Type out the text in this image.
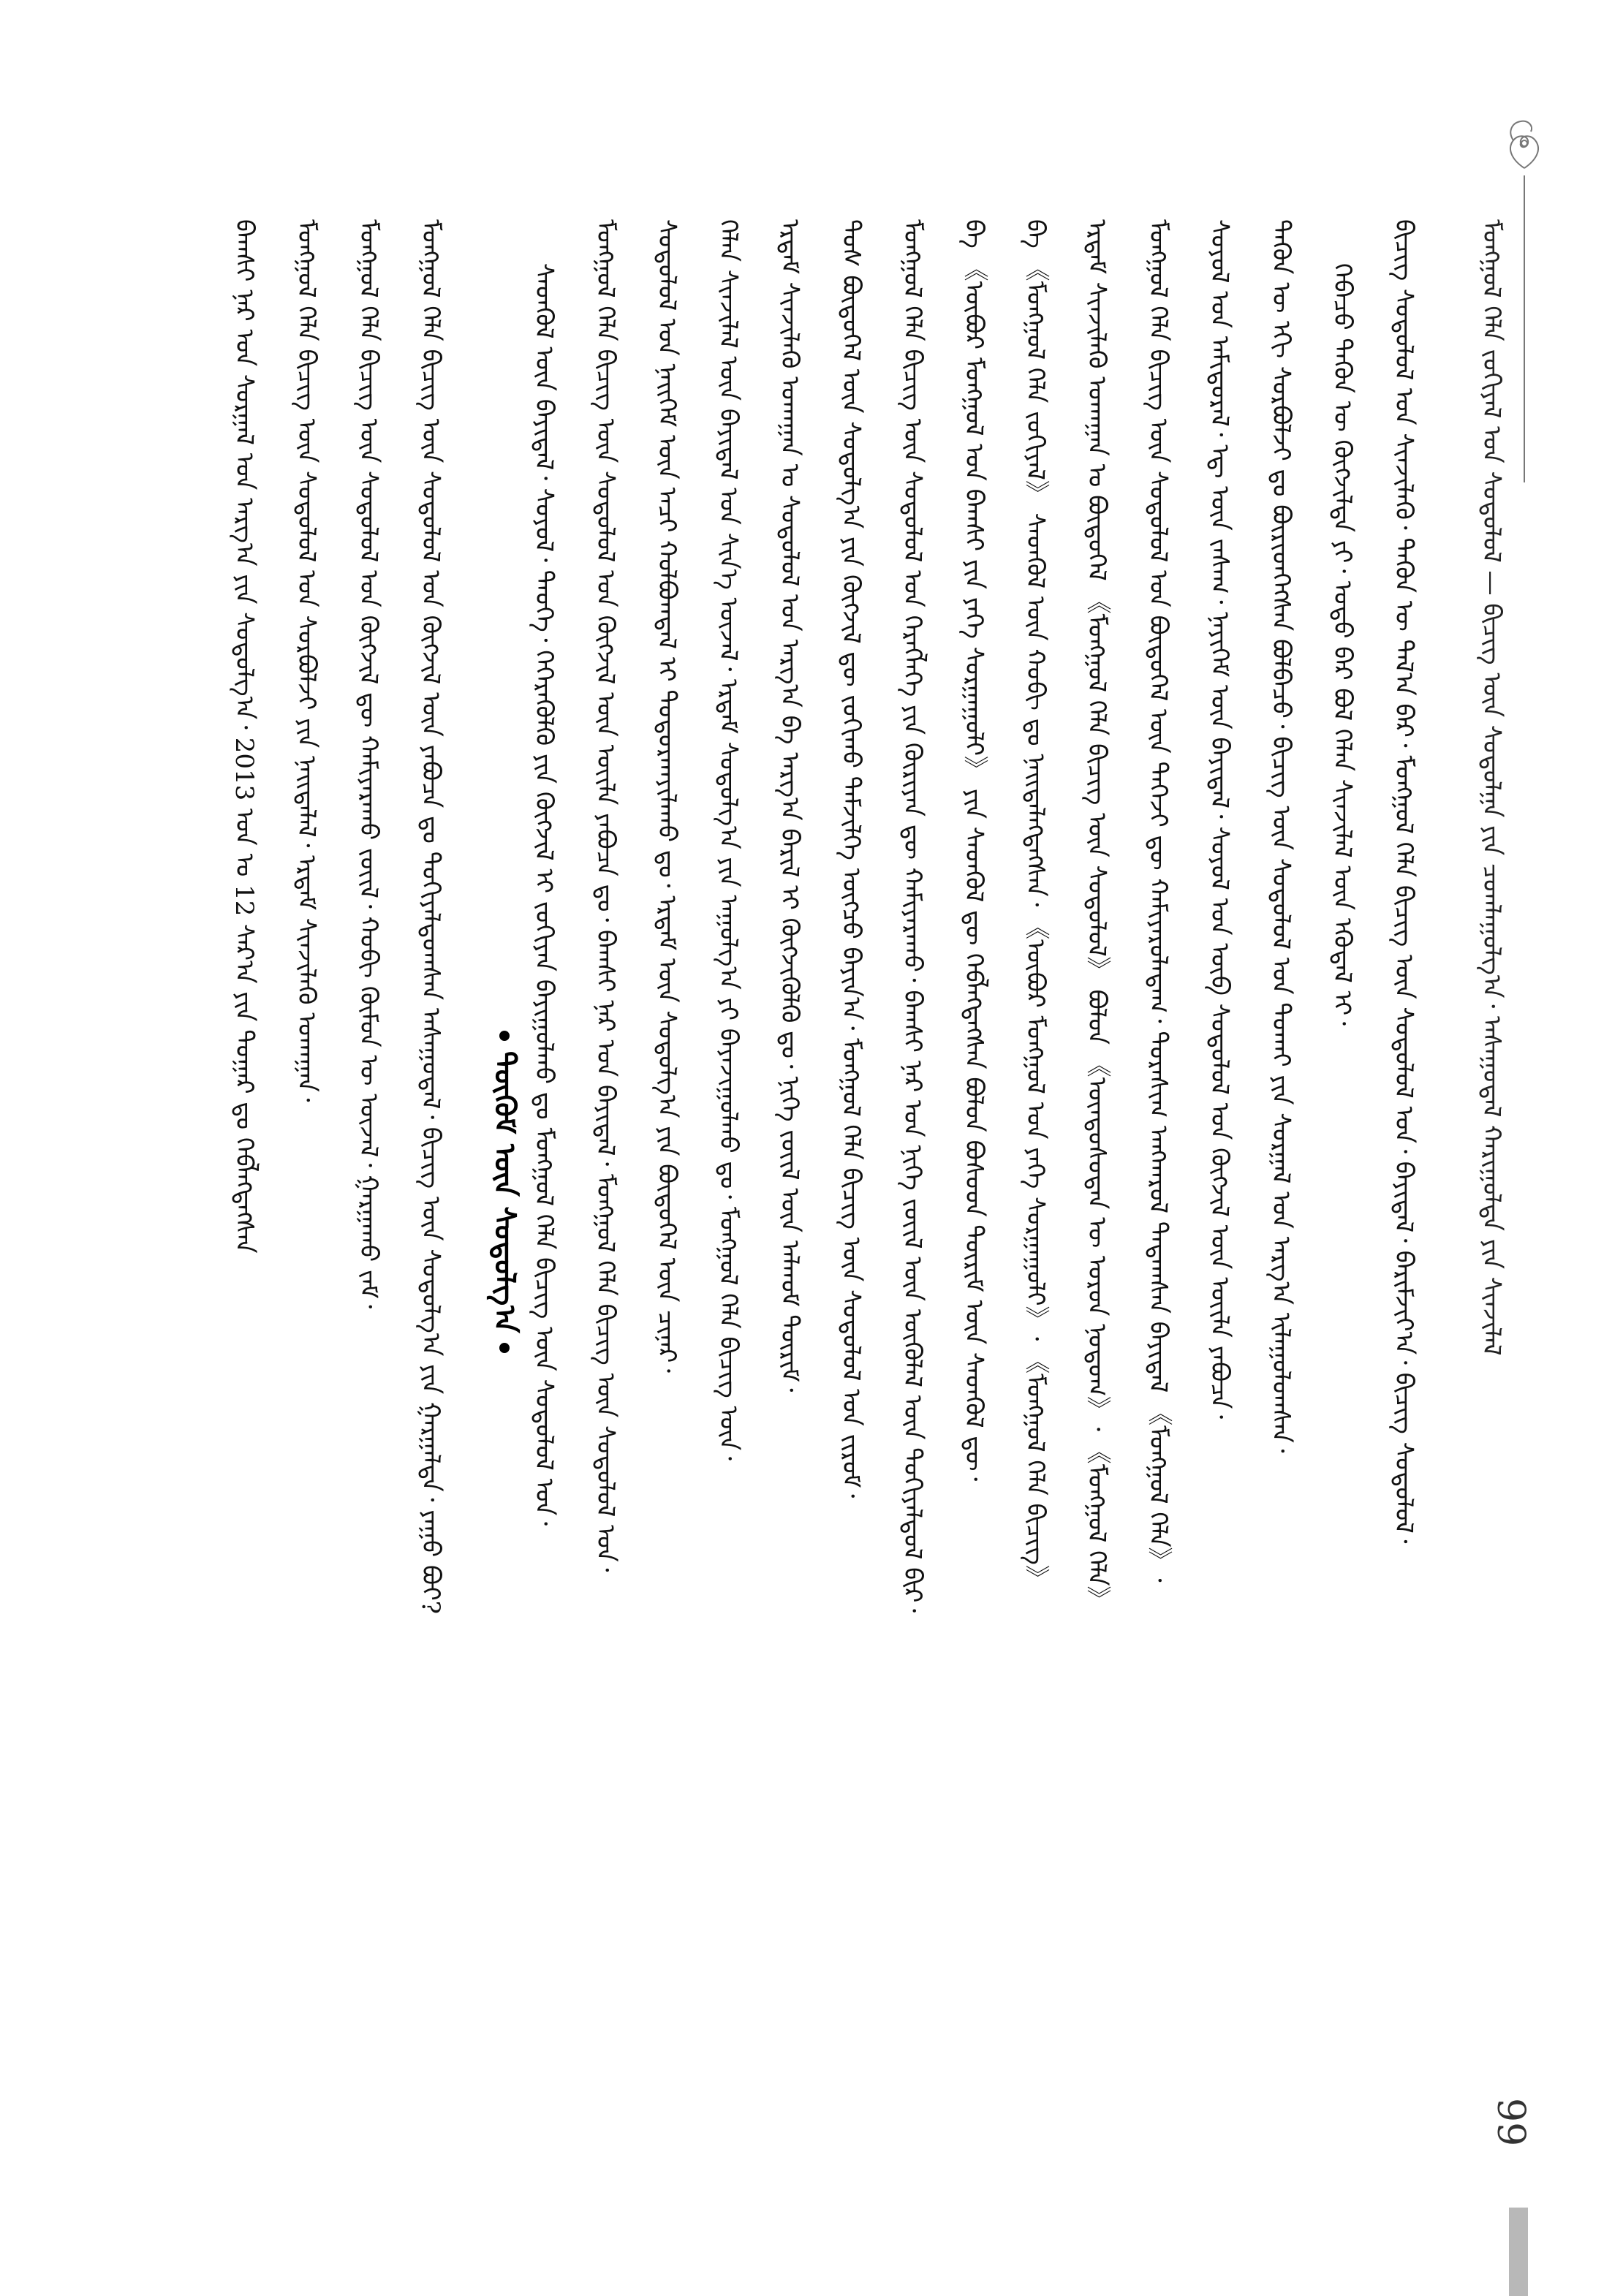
ᠮᠣᠩᠭᠣᠯ ᠬᠡᠯᠡ ᠵᠣᠬᠢᠶᠠᠯ ᠤᠨ ᠰᠤᠳᠤᠯᠤᠯ — ᠪᠢᠴᠢᠭ ᠦᠨ ᠰᠤᠳᠤᠯᠭᠠ ᠶᠢᠨ ᠴᠤᠭᠯᠠᠭᠤᠯᠭ᠎ᠠ᠂ ᠠᠰᠠᠭᠤᠳᠠᠯ ᠬᠠᠷᠢᠭᠤᠯᠲᠠ ᠶᠢᠨ ᠰᠢᠨᠵᠢᠯᠡᠯ
ᠪᠢᠴᠢᠭ᠌ ᠰᠤᠳᠤᠯᠤᠯ ᠤᠨ ᠰᠢᠨᠵᠢᠯᠡᠬᠦ᠂ ᠲᠡᠭᠦᠨ ᠦ ᠲᠠᠯ᠎ᠠ ᠪᠠᠷ᠂ ᠮᠣᠩᠭᠣᠯ ᠬᠡᠯᠡ ᠪᠢᠴᠢᠭ ᠦᠨ ᠰᠤᠳᠤᠯᠤᠯ ᠤᠨ᠂ ᠪᠠᠶᠢᠳᠠᠯ᠂ ᠪᠠᠷᠢᠮᠵᠢᠶ᠎ᠠ᠂ ᠪᠢᠴᠢᠭ᠌ ᠰᠤᠳᠤᠯᠤᠯ᠂
ᠭᠡᠪᠡᠴᠦ ᠲᠡᠭᠦᠨ ᠦ ᠬᠥᠭᠵᠢᠯᠲᠡ ᠶᠢ᠂ ᠣᠳᠣ ᠪᠡᠷ ᠪᠤᠯ ᠬᠡᠯᠡᠨ ᠰᠢᠨᠵᠢᠯᠡᠯ ᠦᠨ ᠡᠭᠦᠳᠡᠯ ᠢ᠂
ᠲᠡᠭᠦᠨ ᠦ ᠡᠬᠢ ᠰᠤᠷᠪᠤᠯᠵᠢ ᠳᠤ ᠪᠦᠷᠢᠳᠬᠡᠭᠰᠡᠨ ᠪᠤᠯᠪᠠᠴᠤ᠂ ᠪᠢᠴᠢᠭ᠌ ᠦᠨ ᠰᠤᠳᠤᠯᠤᠯ ᠤᠨ ᠲᠤᠬᠠᠢ ᠶᠢᠨ ᠰᠤᠷᠭᠠᠯ ᠤᠨ ᠠᠷᠭ᠎ᠠ ᠢᠯᠠᠭᠤᠯᠤᠭᠰᠠᠨ᠂
ᠰᠣᠶᠣᠯ ᠤᠨ ᠠᠮᠢᠳᠤᠷᠠᠯ᠂ ᠡᠳ᠋ ᠦᠨ ᠵᠠᠰᠠᠭ᠂ ᠨᠡᠶᠢᠭᠡᠮ ᠦᠨ ᠪᠠᠶᠢᠳᠠᠯ᠂ ᠰᠣᠶᠣᠯ ᠤᠨ ᠥᠪ ᠰᠤᠳᠤᠯᠤᠯ ᠤᠨ ᠬᠥᠭᠵᠢᠯ ᠦᠨ ᠦᠢᠯᠡ ᠶᠠᠪᠤᠴᠠ᠂
ᠮᠣᠩᠭᠣᠯ ᠬᠡᠯᠡ ᠪᠢᠴᠢᠭ ᠦᠨ ᠰᠤᠳᠤᠯᠤᠯ ᠤᠨ ᠪᠦᠲᠦᠭᠡᠯ ᠦᠨ ᠳᠡᠭᠡᠵᠢ ᠳᠦ ᠬᠠᠮᠢᠶᠠᠷᠤᠯᠠᠳᠠᠭ᠂ ᠳᠤᠷᠠᠰᠢᠭ ᠠᠩᠬᠠᠷᠤᠯ ᠲᠠᠲᠠᠭᠰᠠᠨ ᠪᠠᠶᠢᠳᠠᠯ 《ᠮᠣᠩᠭᠣᠯ ᠬᠡᠯᠡ》᠂
ᠡᠷᠳᠡᠮ ᠰᠢᠨᠵᠢᠯᠡᠬᠦ ᠤᠬᠠᠭᠠᠨ ᠤ ᠪᠦᠲᠦᠭᠡᠯ 《ᠮᠣᠩᠭᠣᠯ ᠬᠡᠯᠡ ᠪᠢᠴᠢᠭ ᠦᠨ ᠰᠤᠳᠤᠯᠤᠯ》 ᠪᠤᠯᠤᠨ 《ᠦᠨᠳᠦᠰᠦᠲᠡᠨ ᠦ ᠤᠷᠤᠨ ᠨᠤᠲᠤᠭ》᠂ 《ᠮᠣᠩᠭᠣᠯ ᠬᠡᠯᠡ》
ᠪᠠ 《ᠮᠣᠩᠭᠣᠯ ᠬᠡᠯᠡ ᠵᠣᠬᠢᠶᠠᠯ》 ᠰᠡᠳᠭᠦᠯ ᠦᠨ ᠬᠤᠪᠢ ᠳᠤ ᠨᠡᠢᠲᠡᠯᠡᠭᠳᠡᠭᠰᠡᠨ᠂ 《ᠥᠪᠦᠷ ᠮᠣᠩᠭᠣᠯ ᠤᠨ ᠶᠡᠬᠡ ᠰᠤᠷᠭᠠᠭᠤᠯᠢ》᠂ 《ᠮᠣᠩᠭᠣᠯ ᠬᠡᠯᠡ ᠪᠢᠴᠢᠭ》
ᠪᠠ 《ᠥᠪᠦᠷ ᠮᠣᠩᠭᠣᠯ ᠤᠨ ᠪᠠᠭᠰᠢ ᠶᠢᠨ ᠶᠡᠬᠡ ᠰᠤᠷᠭᠠᠭᠤᠯᠢ》 ᠶᠢᠨ ᠰᠡᠳᠭᠦᠯ ᠳᠦ ᠬᠡᠪᠯᠡᠭᠳᠡᠭᠰᠡᠨ ᠪᠣᠯᠤᠨ ᠪᠤᠰᠤᠳ ᠳᠦᠷᠢᠮ ᠦᠨ ᠰᠡᠳᠭᠦᠯ ᠳᠦ᠂
ᠮᠣᠩᠭᠣᠯ ᠬᠡᠯᠡ ᠪᠢᠴᠢᠭ ᠦᠨ ᠰᠤᠳᠤᠯᠤᠯ ᠤᠨ ᠬᠡᠷᠡᠭᠯᠡᠭᠡ ᠶᠢᠨ ᠬᠦᠷᠢᠶᠡᠨ ᠳᠦ ᠬᠠᠮᠢᠶᠠᠷᠠᠬᠤ᠂ ᠪᠠᠭᠰᠢ ᠨᠠᠷ ᠤᠨ ᠨᠢᠭᠡ ᠵᠦᠢᠯ ᠦᠨ ᠥᠭᠦᠯᠡᠯ ᠦᠨ ᠲᠣᠬᠢᠶᠠᠯᠳᠤᠯ ᠪᠢᠷ᠂
ᠲᠤᠰ ᠪᠦᠲᠦᠭᠡᠯ ᠦᠨ ᠰᠤᠳᠤᠯᠭ᠎ᠠ ᠶᠢᠨ ᠬᠥᠭᠵᠢᠯ ᠳᠦ ᠵᠣᠬᠢᠬᠤ ᠳᠡᠮᠵᠢᠯᠭᠡ ᠥᠭᠴᠦ ᠪᠠᠶᠢᠨ᠎ᠠ᠂ ᠮᠣᠩᠭᠣᠯ ᠬᠡᠯᠡ ᠪᠢᠴᠢᠭ ᠦᠨ ᠰᠤᠳᠤᠯᠤᠯ ᠤᠨ ᠵᠢᠷᠤᠮ᠂
ᠡᠷᠳᠡᠮ ᠰᠢᠨᠵᠢᠯᠡᠬᠦ ᠤᠬᠠᠭᠠᠨ ᠤ ᠰᠤᠳᠤᠯᠤᠯ ᠤᠨ ᠠᠷᠭ᠎ᠠ ᠪᠠ ᠠᠷᠭ᠎ᠠ ᠪᠠᠷᠢᠯ ᠢ ᠬᠥᠭᠵᠢᠭᠦᠯᠬᠦ ᠳᠤ᠂ ᠨᠢᠭᠡ ᠵᠦᠢᠯ ᠦᠨ ᠠᠯᠬᠤᠮ ᠳᠦᠷᠢᠮ᠂
ᠬᠡᠯᠡᠨ ᠰᠢᠨᠵᠢᠯᠡᠯ ᠦᠨ ᠪᠠᠶᠢᠳᠠᠯ ᠤᠨ ᠰᠢᠨ᠎ᠡ ᠦᠵᠡᠯ᠂ ᠡᠷᠳᠡᠮ ᠰᠤᠳᠤᠯᠭ᠎ᠠ ᠶᠢᠨ ᠠᠭᠤᠯᠭ᠎ᠠ ᠶᠢ ᠪᠠᠶᠠᠵᠢᠭᠤᠯᠬᠤ ᠳᠤ᠂ ᠮᠣᠩᠭᠣᠯ ᠬᠡᠯᠡ ᠪᠢᠴᠢᠭ ᠦᠨ᠂
ᠰᠤᠳᠤᠯᠤᠯ ᠤᠨ ᠨᠡᠢᠭᠡᠮ ᠦᠨ ᠠᠴᠢ ᠬᠣᠯᠪᠣᠭᠳᠠᠯ ᠢ ᠲᠣᠳᠤᠷᠬᠠᠶᠢᠯᠠᠬᠤ ᠳᠤ᠂ ᠡᠷᠳᠡᠮ ᠦᠨ ᠰᠤᠳᠤᠯᠭ᠎ᠠ ᠶᠢᠨ ᠪᠦᠲᠦᠭᠡᠯ ᠦᠨ ᠴᠢᠨᠠᠷ᠂
ᠮᠣᠩᠭᠣᠯ ᠬᠡᠯᠡ ᠪᠢᠴᠢᠭ ᠦᠨ ᠰᠤᠳᠤᠯᠤᠯ ᠤᠨ ᠬᠥᠭᠵᠢᠯ ᠦᠨ ᠦᠢᠯᠡ ᠶᠠᠪᠤᠴᠠ ᠳᠤ᠂ ᠪᠠᠭᠰᠢ ᠨᠠᠷ ᠤᠨ ᠪᠠᠶᠢᠳᠠᠯ᠂ ᠮᠣᠩᠭᠣᠯ ᠬᠡᠯᠡ ᠪᠢᠴᠢᠭ ᠦᠨ ᠰᠤᠳᠤᠯᠤᠯ ᠤᠨ᠂
ᠰᠡᠳᠭᠦᠯ ᠦᠨ ᠪᠠᠶᠢᠳᠠᠯ᠂ ᠰᠣᠶᠣᠯ᠂ ᠲᠡᠦᠬᠡ᠂ ᠭᠡᠭᠡᠷᠡᠭᠦᠯᠬᠦ ᠶᠢᠨ ᠬᠥᠭᠵᠢᠯ ᠢ ᠵᠣᠬᠢᠶᠠᠨ ᠪᠠᠶᠢᠭᠤᠯᠬᠤ ᠳᠤ ᠮᠣᠩᠭᠣᠯ ᠬᠡᠯᠡ ᠪᠢᠴᠢᠭ ᠦᠨ ᠰᠤᠳᠤᠯᠤᠯ ᠤᠨ᠂
ᠳᠦᠭᠦᠮ ᠦᠨ ᠰᠤᠳᠤᠯᠭ᠎ᠠ
ᠮᠣᠩᠭᠣᠯ ᠬᠡᠯᠡ ᠪᠢᠴᠢᠭ ᠦᠨ ᠰᠤᠳᠤᠯᠤᠯ ᠤᠨ ᠬᠥᠭᠵᠢᠯ ᠦᠨ ᠶᠠᠪᠤᠴᠠ ᠳᠤ ᠲᠣᠬᠢᠶᠠᠯᠳᠤᠭᠰᠠᠨ ᠠᠰᠠᠭᠤᠳᠠᠯ᠂ ᠪᠢᠴᠢᠭ᠌ ᠦᠨ ᠰᠤᠳᠤᠯᠭ᠎ᠠ ᠶᠢᠨ ᠭᠠᠷᠭᠠᠯᠲᠠ᠂ ᠶᠠᠭᠤ ᠪᠤᠢ?
ᠮᠣᠩᠭᠣᠯ ᠬᠡᠯᠡ ᠪᠢᠴᠢᠭ ᠦᠨ ᠰᠤᠳᠤᠯᠤᠯ ᠤᠨ ᠬᠥᠭᠵᠢᠯ ᠳᠦ ᠬᠠᠮᠢᠶᠠᠷᠠᠬᠤ ᠵᠦᠢᠯ᠂ ᠬᠤᠪᠢ ᠬᠥᠮᠦᠨ ᠦ ᠦᠵᠡᠯ᠂ ᠭᠠᠷᠭᠠᠬᠤ ᠵᠠᠮ᠂
ᠮᠣᠩᠭᠣᠯ ᠬᠡᠯᠡ ᠪᠢᠴᠢᠭ ᠦᠨ ᠰᠤᠳᠤᠯᠤᠯ ᠤᠨ ᠰᠤᠷᠪᠤᠯᠵᠢ ᠶᠢᠨ ᠨᠡᠢᠲᠡᠯᠡᠯ᠂ ᠡᠷᠳᠡᠮ ᠰᠢᠨᠵᠢᠯᠡᠬᠦ ᠤᠬᠠᠭᠠᠨ᠂
ᠪᠠᠭᠰᠢ ᠨᠠᠷ ᠤᠨ ᠰᠤᠷᠭᠠᠯ ᠤᠨ ᠠᠷᠭ᠎ᠠ ᠶᠢᠨ ᠰᠤᠳᠤᠯᠭ᠎ᠠ᠂ 2013 ᠣᠨ ᠤ 12 ᠰᠠᠷ᠎ᠠ ᠶᠢᠨ ᠳᠤᠭᠠᠷ ᠳᠤ ᠬᠡᠪᠯᠡᠭᠳᠡᠭᠰᠡᠨ
99
